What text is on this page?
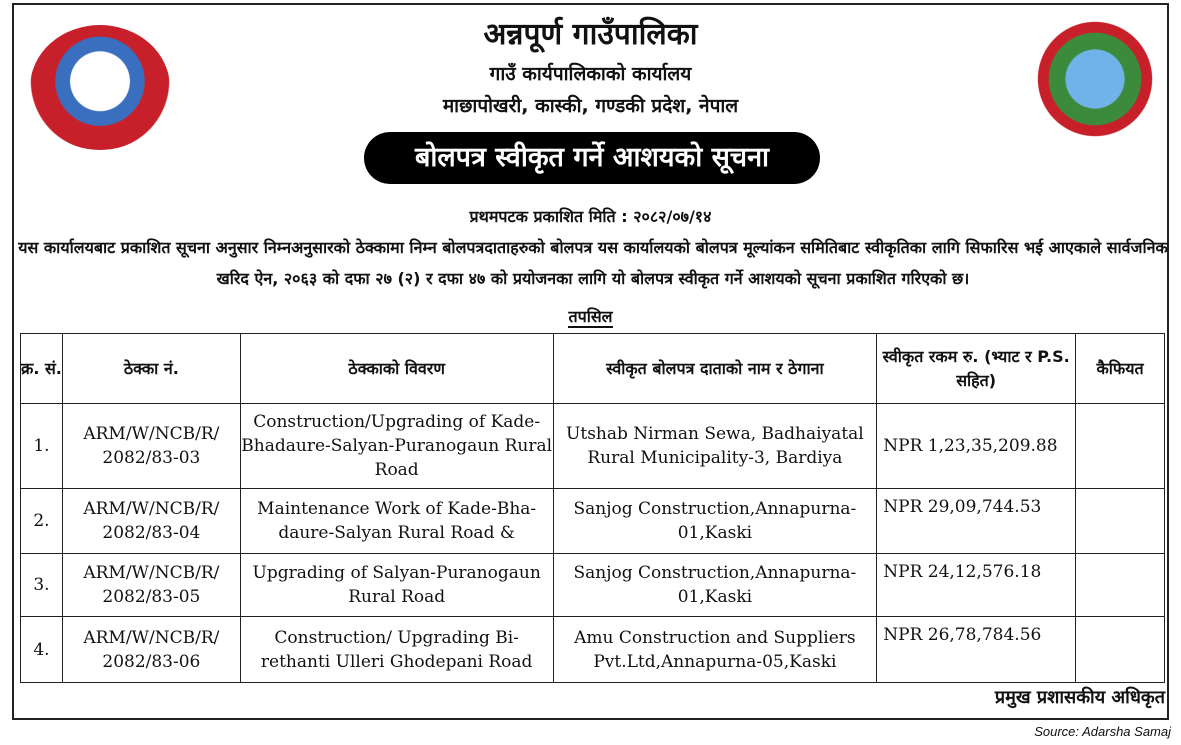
अन्नपूर्ण गाउँपालिका
गाउँ कार्यपालिकाको कार्यालय
माछापोखरी, कास्की, गण्डकी प्रदेश, नेपाल
बोलपत्र स्वीकृत गर्ने आशयको सूचना
प्रथमपटक प्रकाशित मिति : २०८२/०७/१४
यस कार्यालयबाट प्रकाशित सूचना अनुसार निम्नअनुसारको ठेक्कामा निम्न बोलपत्रदाताहरुको बोलपत्र यस कार्यालयको बोलपत्र मूल्यांकन समितिबाट स्वीकृतिका लागि सिफारिस भई आएकाले सार्वजनिक खरिद ऐन, २०६३ को दफा २७ (२) र दफा ४७ को प्रयोजनका लागि यो बोलपत्र स्वीकृत गर्ने आशयको सूचना प्रकाशित गरिएको छ।
तपसिल
क्र. सं.	ठेक्का नं.	ठेक्काको विवरण	स्वीकृत बोलपत्र दाताको नाम र ठेगाना	स्वीकृत रकम रु. (भ्याट र P.S. सहित)	कैफियत
1.	ARM/W/NCB/R/ 2082/83-03	Construction/Upgrading of Kade-Bhadaure-Salyan-Puranogaun Rural Road	Utshab Nirman Sewa, Badhaiyatal Rural Municipality-3, Bardiya	NPR 1,23,35,209.88	
2.	ARM/W/NCB/R/ 2082/83-04	Maintenance Work of Kade-Bha-daure-Salyan Rural Road &	Sanjog Construction,Annapurna-01,Kaski	NPR 29,09,744.53	
3.	ARM/W/NCB/R/ 2082/83-05	Upgrading of Salyan-Puranogaun Rural Road	Sanjog Construction,Annapurna-01,Kaski	NPR 24,12,576.18	
4.	ARM/W/NCB/R/ 2082/83-06	Construction/ Upgrading Bi-rethanti Ulleri Ghodepani Road	Amu Construction and Suppliers Pvt.Ltd,Annapurna-05,Kaski	NPR 26,78,784.56	
प्रमुख प्रशासकीय अधिकृत
Source: Adarsha Samaj
